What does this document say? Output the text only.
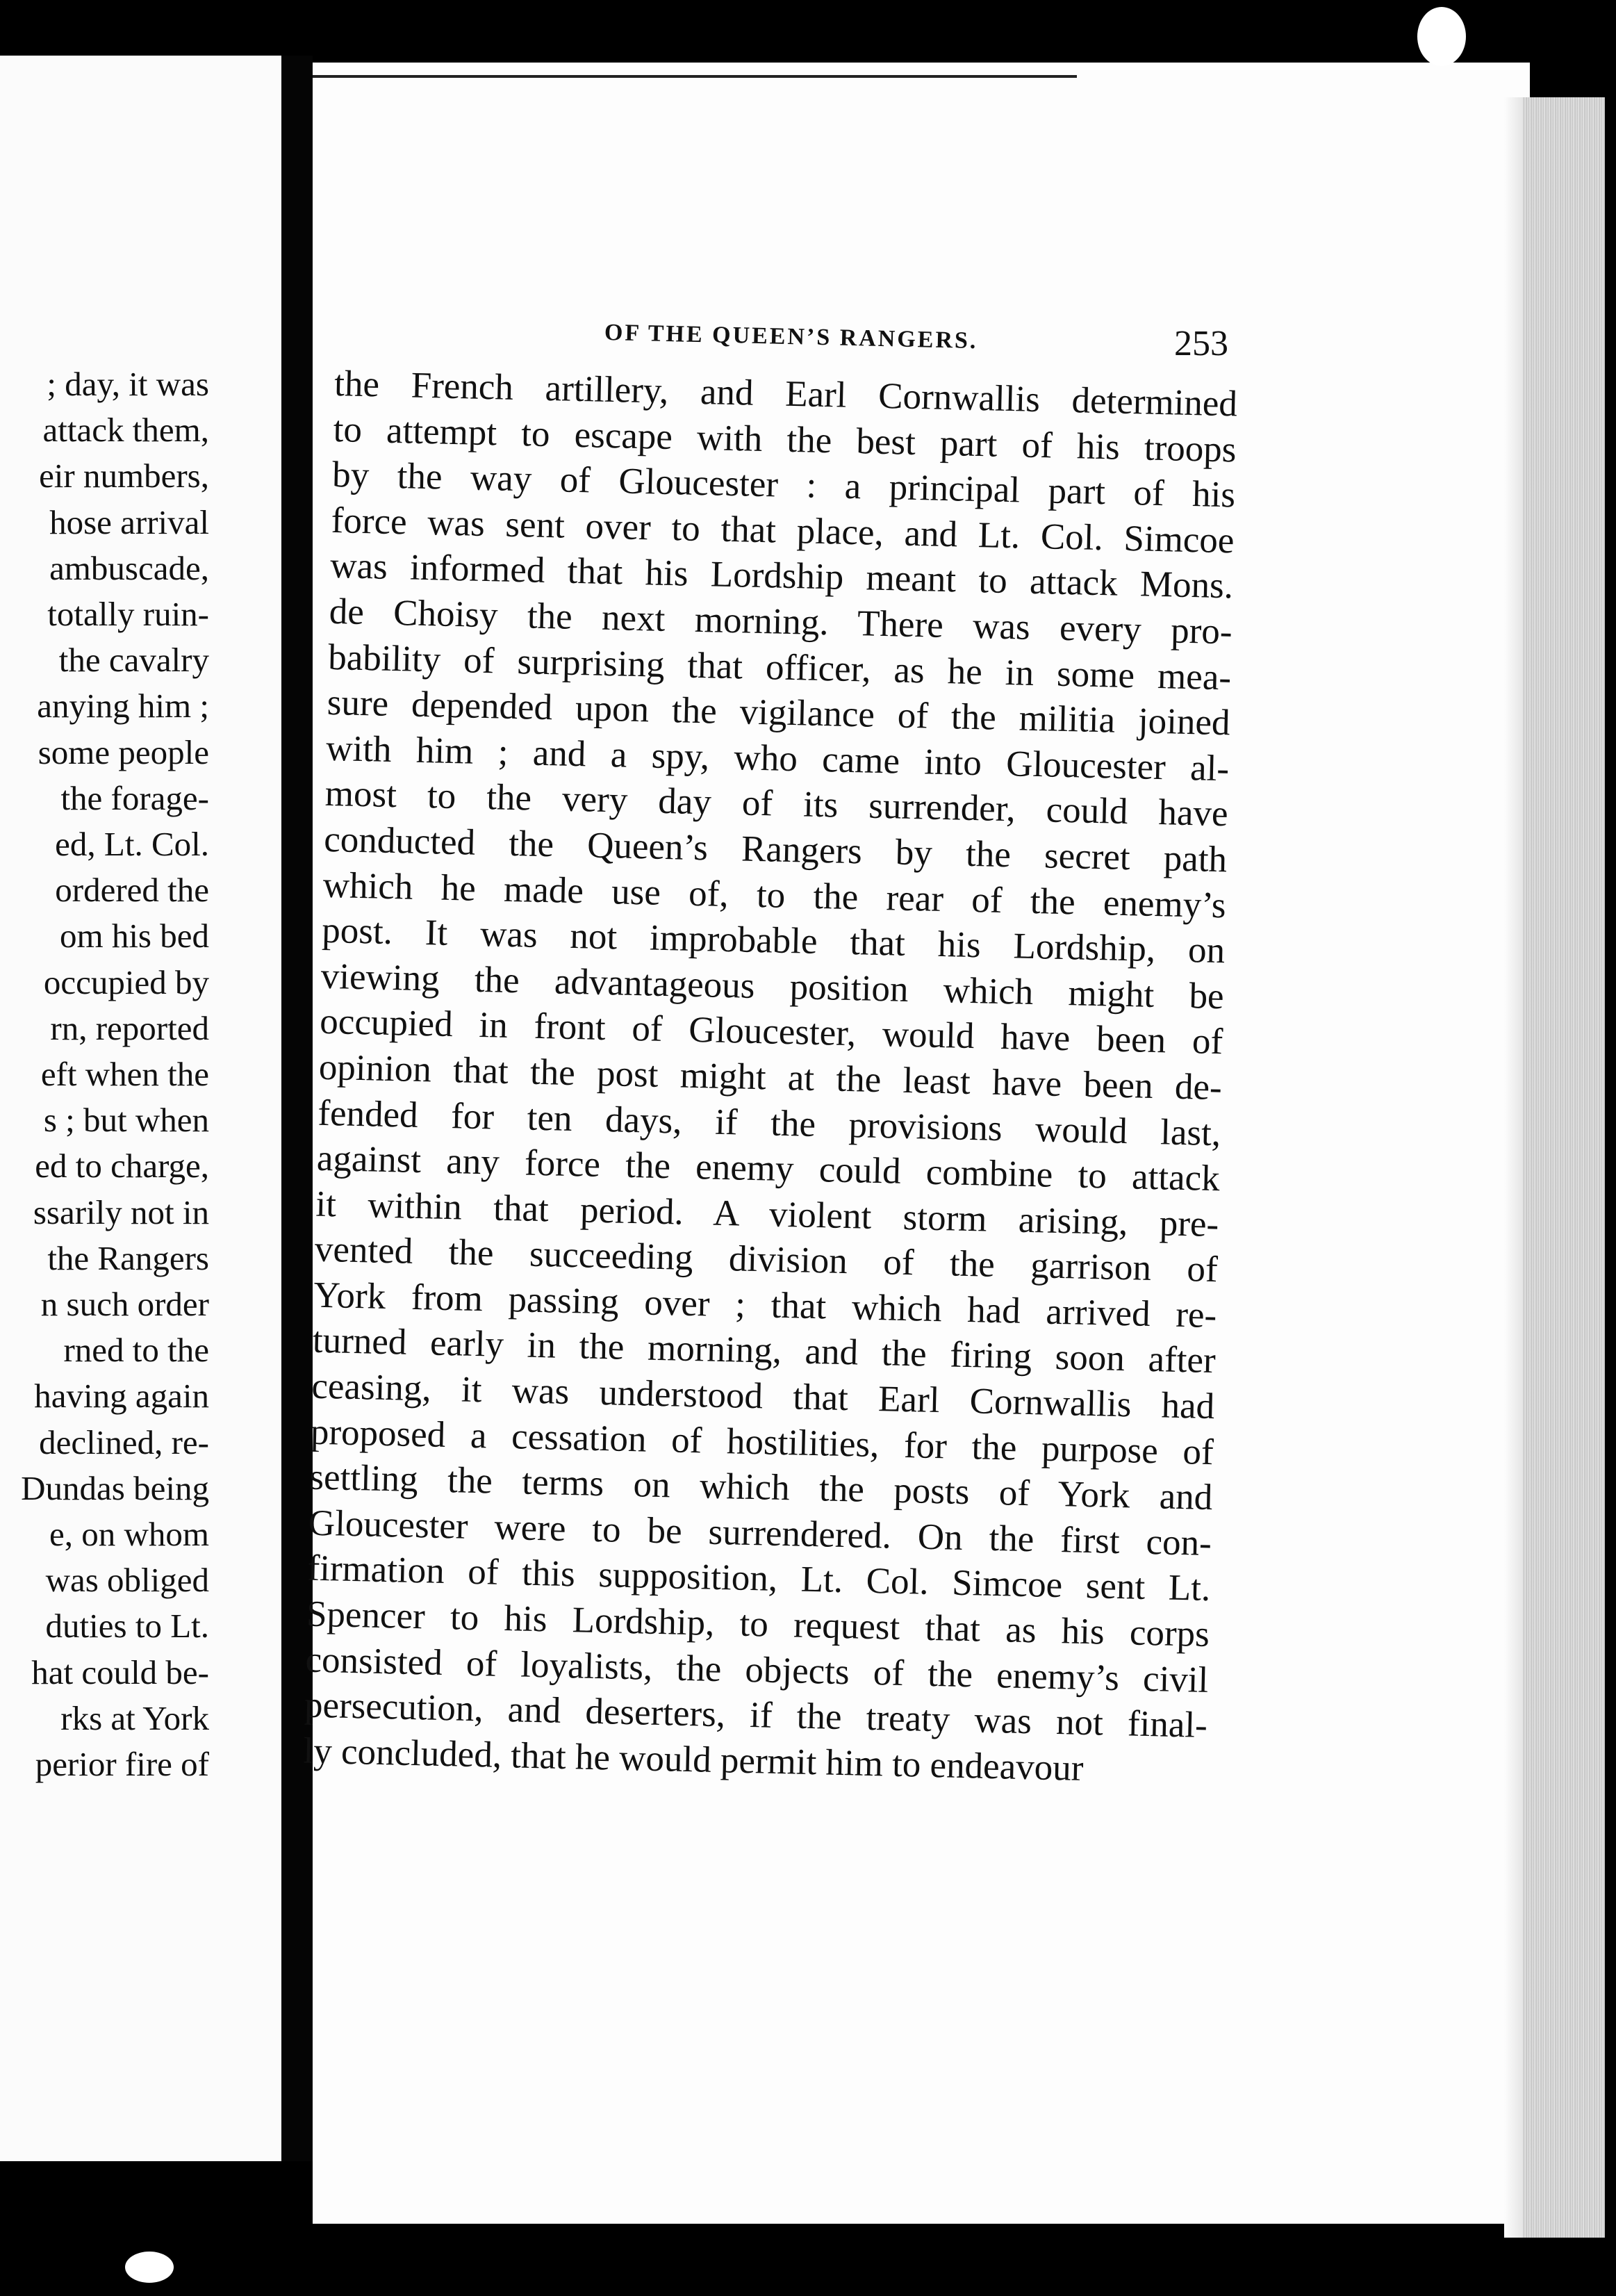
; day, it was
attack them,
eir numbers,
hose arrival
ambuscade,
totally ruin-
the cavalry
anying him ;
some people
the forage-
ed, Lt. Col.
ordered the
om his bed
occupied by
rn, reported
eft when the
s ; but when
ed to charge,
ssarily not in
the Rangers
n such order
rned to the
having again
declined, re-
Dundas being
e, on whom
was obliged
duties to Lt.
hat could be-
rks at York
perior fire of
OF THE QUEEN’S RANGERS.	253
the French artillery, and Earl Cornwallis determined
to attempt to escape with the best part of his troops
by the way of Gloucester : a principal part of his
force was sent over to that place, and Lt. Col. Simcoe
was informed that his Lordship meant to attack Mons.
de Choisy the next morning. There was every pro-
bability of surprising that officer, as he in some mea-
sure depended upon the vigilance of the militia joined
with him ; and a spy, who came into Gloucester al-
most to the very day of its surrender, could have
conducted the Queen’s Rangers by the secret path
which he made use of, to the rear of the enemy’s
post. It was not improbable that his Lordship, on
viewing the advantageous position which might be
occupied in front of Gloucester, would have been of
opinion that the post might at the least have been de-
fended for ten days, if the provisions would last,
against any force the enemy could combine to attack
it within that period. A violent storm arising, pre-
vented the succeeding division of the garrison of
York from passing over ; that which had arrived re-
turned early in the morning, and the firing soon after
ceasing, it was understood that Earl Cornwallis had
proposed a cessation of hostilities, for the purpose of
settling the terms on which the posts of York and
Gloucester were to be surrendered. On the first con-
firmation of this supposition, Lt. Col. Simcoe sent Lt.
Spencer to his Lordship, to request that as his corps
consisted of loyalists, the objects of the enemy’s civil
persecution, and deserters, if the treaty was not final-
ly concluded, that he would permit him to endeavour
